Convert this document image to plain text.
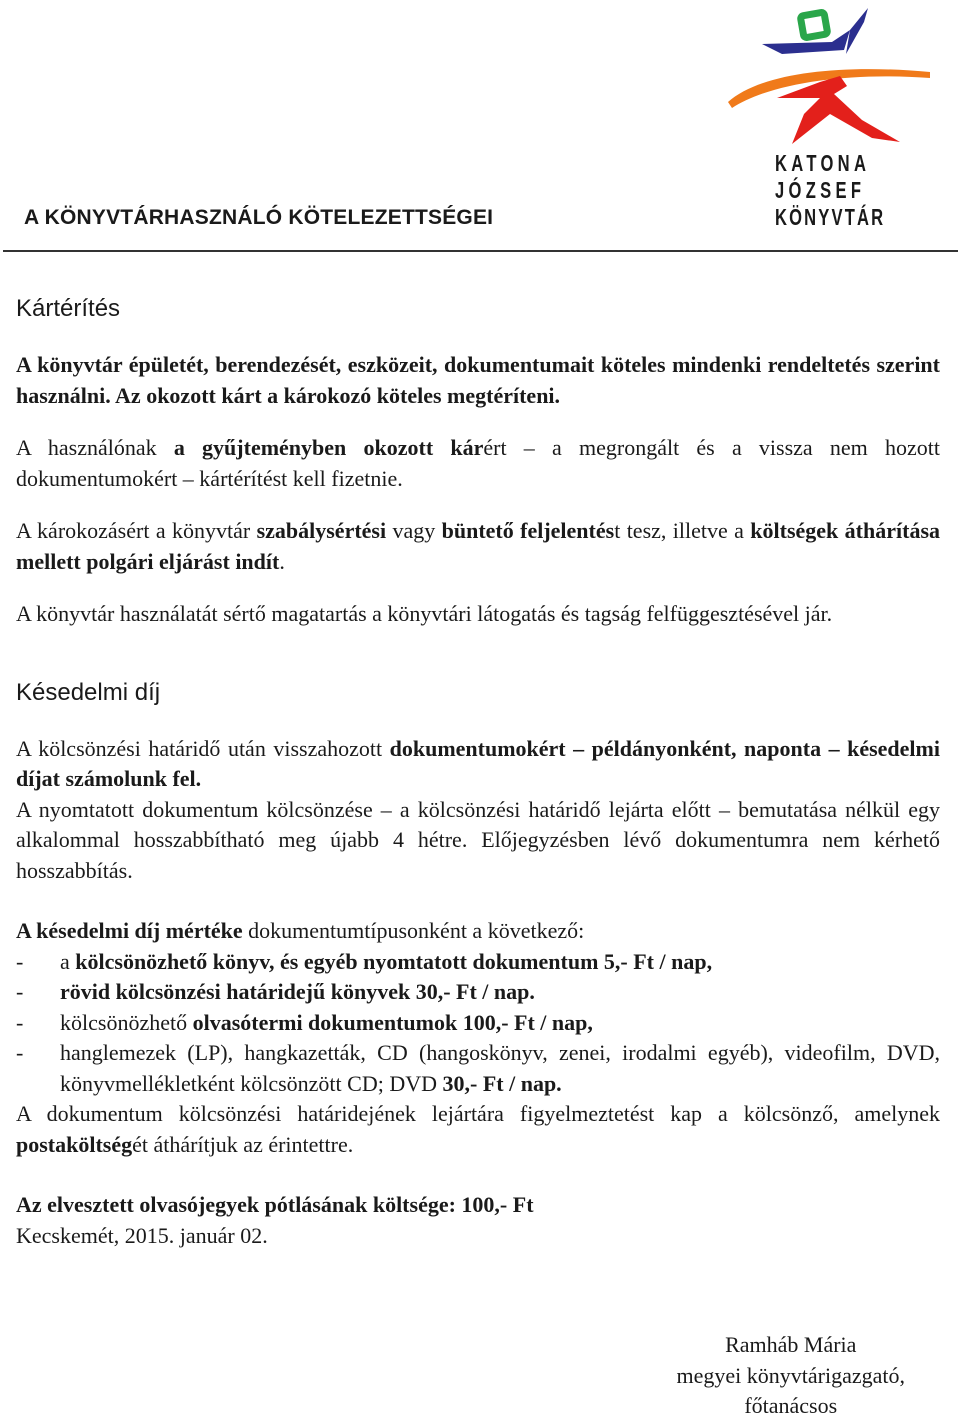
A KÖNYVTÁRHASZNÁLÓ KÖTELEZETTSÉGEI
KATONA
JÓZSEF
KÖNYVTÁR
Kártérítés

A könyvtár épületét, berendezését, eszközeit, dokumentumait köteles mindenki rendeltetés szerint használni. Az okozott kárt a károkozó köteles megtéríteni.

A használónak a gyűjteményben okozott kárért – a megrongált és a vissza nem hozott dokumentumokért – kártérítést kell fizetnie.

A károkozásért a könyvtár szabálysértési vagy büntető feljelentést tesz, illetve a költségek áthárítása mellett polgári eljárást indít.

A könyvtár használatát sértő magatartás a könyvtári látogatás és tagság felfüggesztésével jár.

Késedelmi díj

A kölcsönzési határidő után visszahozott dokumentumokért – példányonként, naponta – késedelmi díjat számolunk fel.

A nyomtatott dokumentum kölcsönzése – a kölcsönzési határidő lejárta előtt – bemutatása nélkül egy alkalommal hosszabbítható meg újabb 4 hétre. Előjegyzésben lévő dokumentumra nem kérhető hosszabbítás.

A késedelmi díj mértéke dokumentumtípusonként a következő:

- a kölcsönözhető könyv, és egyéb nyomtatott dokumentum 5,- Ft / nap,
- rövid kölcsönzési határidejű könyvek 30,- Ft / nap.
- kölcsönözhető olvasótermi dokumentumok 100,- Ft / nap,
- hanglemezek (LP), hangkazetták, CD (hangoskönyv, zenei, irodalmi egyéb), videofilm, DVD, könyvmellékletként kölcsönzött CD; DVD 30,- Ft / nap.

A dokumentum kölcsönzési határidejének lejártára figyelmeztetést kap a kölcsönző, amelynek postaköltségét áthárítjuk az érintettre.

Az elvesztett olvasójegyek pótlásának költsége: 100,- Ft

Kecskemét, 2015. január 02.

Ramháb Mária
megyei könyvtárigazgató,
főtanácsos
